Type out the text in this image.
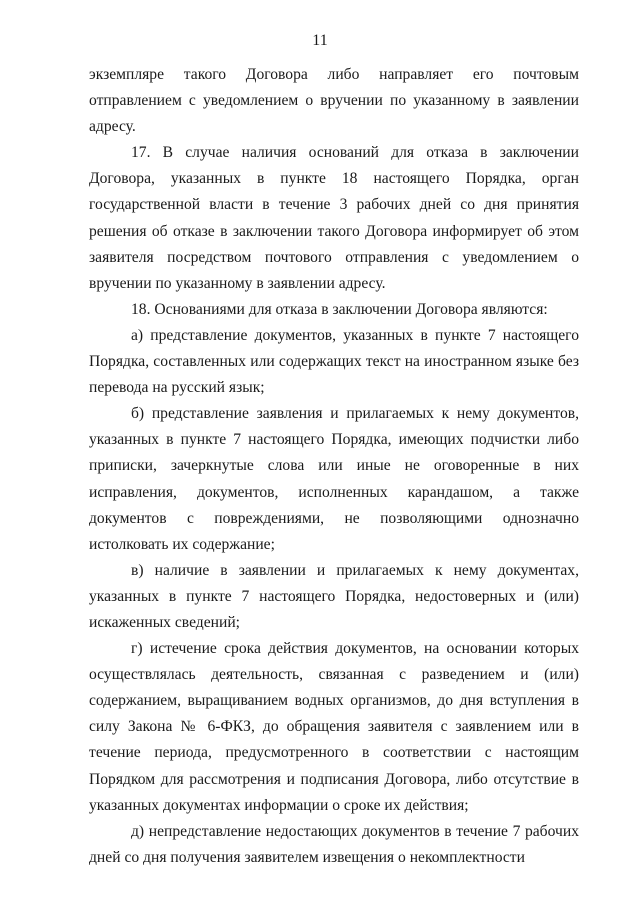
11

экземпляре такого Договора либо направляет его почтовым отправлением с уведомлением о вручении по указанному в заявлении адресу.

17. В случае наличия оснований для отказа в заключении Договора, указанных в пункте 18 настоящего Порядка, орган государственной власти в течение 3 рабочих дней со дня принятия решения об отказе в заключении такого Договора информирует об этом заявителя посредством почтового отправления с уведомлением о вручении по указанному в заявлении адресу.

18. Основаниями для отказа в заключении Договора являются:

а) представление документов, указанных в пункте 7 настоящего Порядка, составленных или содержащих текст на иностранном языке без перевода на русский язык;

б) представление заявления и прилагаемых к нему документов, указанных в пункте 7 настоящего Порядка, имеющих подчистки либо приписки, зачеркнутые слова или иные не оговоренные в них исправления, документов, исполненных карандашом, а также документов с повреждениями, не позволяющими однозначно истолковать их содержание;

в) наличие в заявлении и прилагаемых к нему документах, указанных в пункте 7 настоящего Порядка, недостоверных и (или) искаженных сведений;

г) истечение срока действия документов, на основании которых осуществлялась деятельность, связанная с разведением и (или) содержанием, выращиванием водных организмов, до дня вступления в силу Закона № 6-ФКЗ, до обращения заявителя с заявлением или в течение периода, предусмотренного в соответствии с настоящим Порядком для рассмотрения и подписания Договора, либо отсутствие в указанных документах информации о сроке их действия;

д) непредставление недостающих документов в течение 7 рабочих дней со дня получения заявителем извещения о некомплектности
